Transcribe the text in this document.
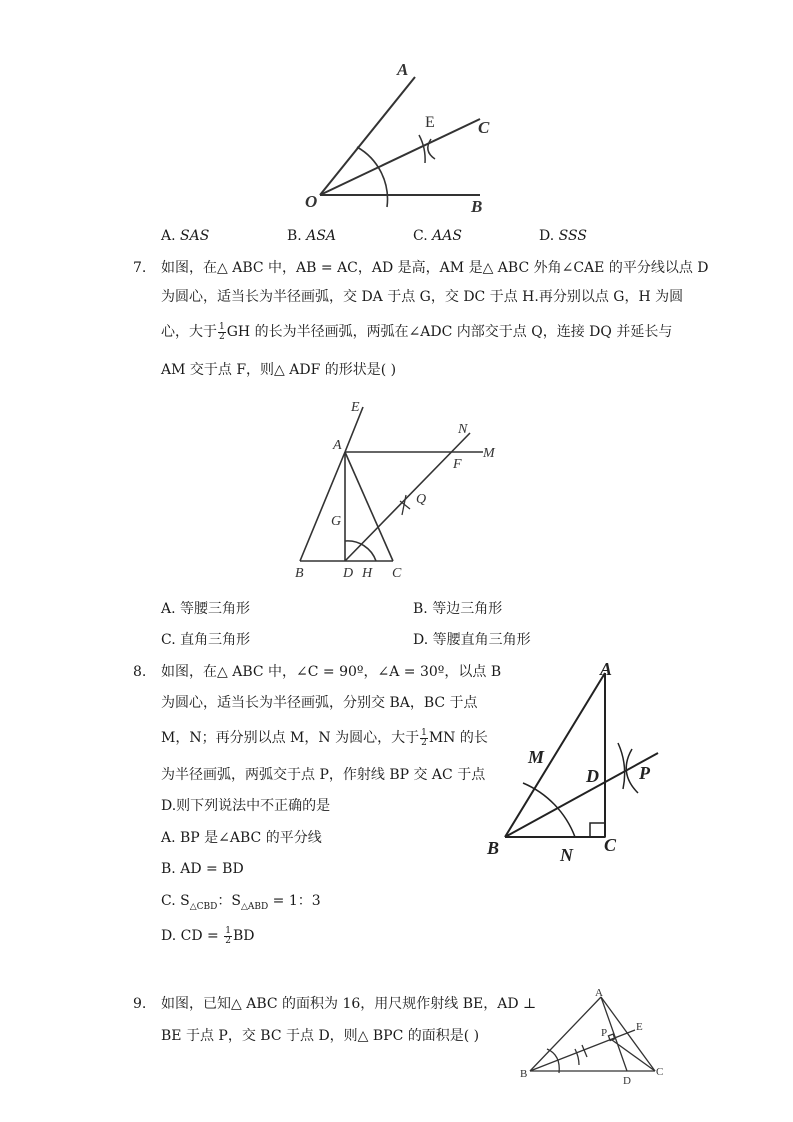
A
E	C
O	B
A. SAS	B. ASA	C. AAS	D. SSS
7. 如图，在△ ABC 中，AB = AC，AD 是高，AM 是△ ABC 外角∠CAE 的平分线以点 D
为圆心，适当长为半径画弧，交 DA 于点 G，交 DC 于点 H.再分别以点 G，H 为圆
心，大于 $\frac{1}{2}$ GH 的长为半径画弧，两弧在∠ADC 内部交于点 Q，连接 DQ 并延长与
AM 交于点 F，则△ ADF 的形状是( )
E
A
N
M
F
Q
G
B	D H C
A. 等腰三角形	B. 等边三角形
C. 直角三角形	D. 等腰直角三角形
8. 如图，在△ ABC 中，∠C = 90º，∠A = 30º，以点 B
为圆心，适当长为半径画弧，分别交 BA，BC 于点
M，N；再分别以点 M，N 为圆心，大于 $\frac{1}{2}$ MN 的长
为半径画弧，两弧交于点 P，作射线 BP 交 AC 于点
D.则下列说法中不正确的是
A. BP 是∠ABC 的平分线
B. AD = BD
C. $S_{\triangle CBD}$：$S_{\triangle ABD} = 1$：3
D. CD = $\frac{1}{2}$ BD
A
M
D P
B	N C
9. 如图，已知△ ABC 的面积为 16，用尺规作射线 BE，AD ⊥
BE 于点 P，交 BC 于点 D，则△ BPC 的面积是( )
A
P	E
B
D
C
